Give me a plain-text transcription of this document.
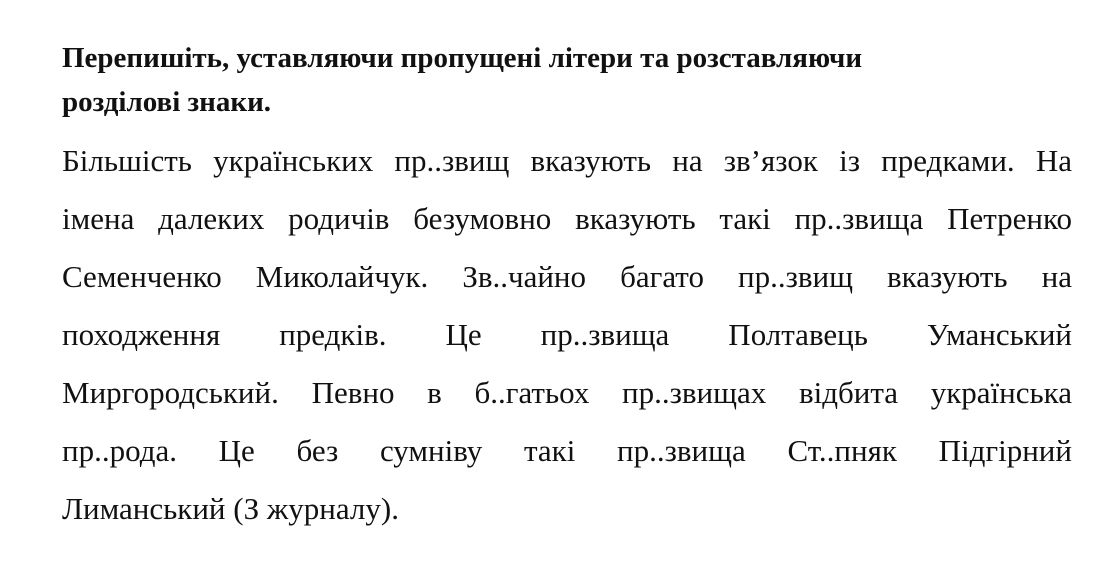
Перепишіть, уставляючи пропущені літери та розставляючи
розділові знаки.
Більшість українських пр..звищ вказують на зв’язок із предками. На
імена далеких родичів безумовно вказують такі пр..звища Петренко
Семенченко Миколайчук. Зв..чайно багато пр..звищ вказують на
походження предків. Це пр..звища Полтавець Уманський
Миргородський. Певно в б..гатьох пр..звищах відбита українська
пр..рода. Це без сумніву такі пр..звища Ст..пняк Підгірний
Лиманський (З журналу).
